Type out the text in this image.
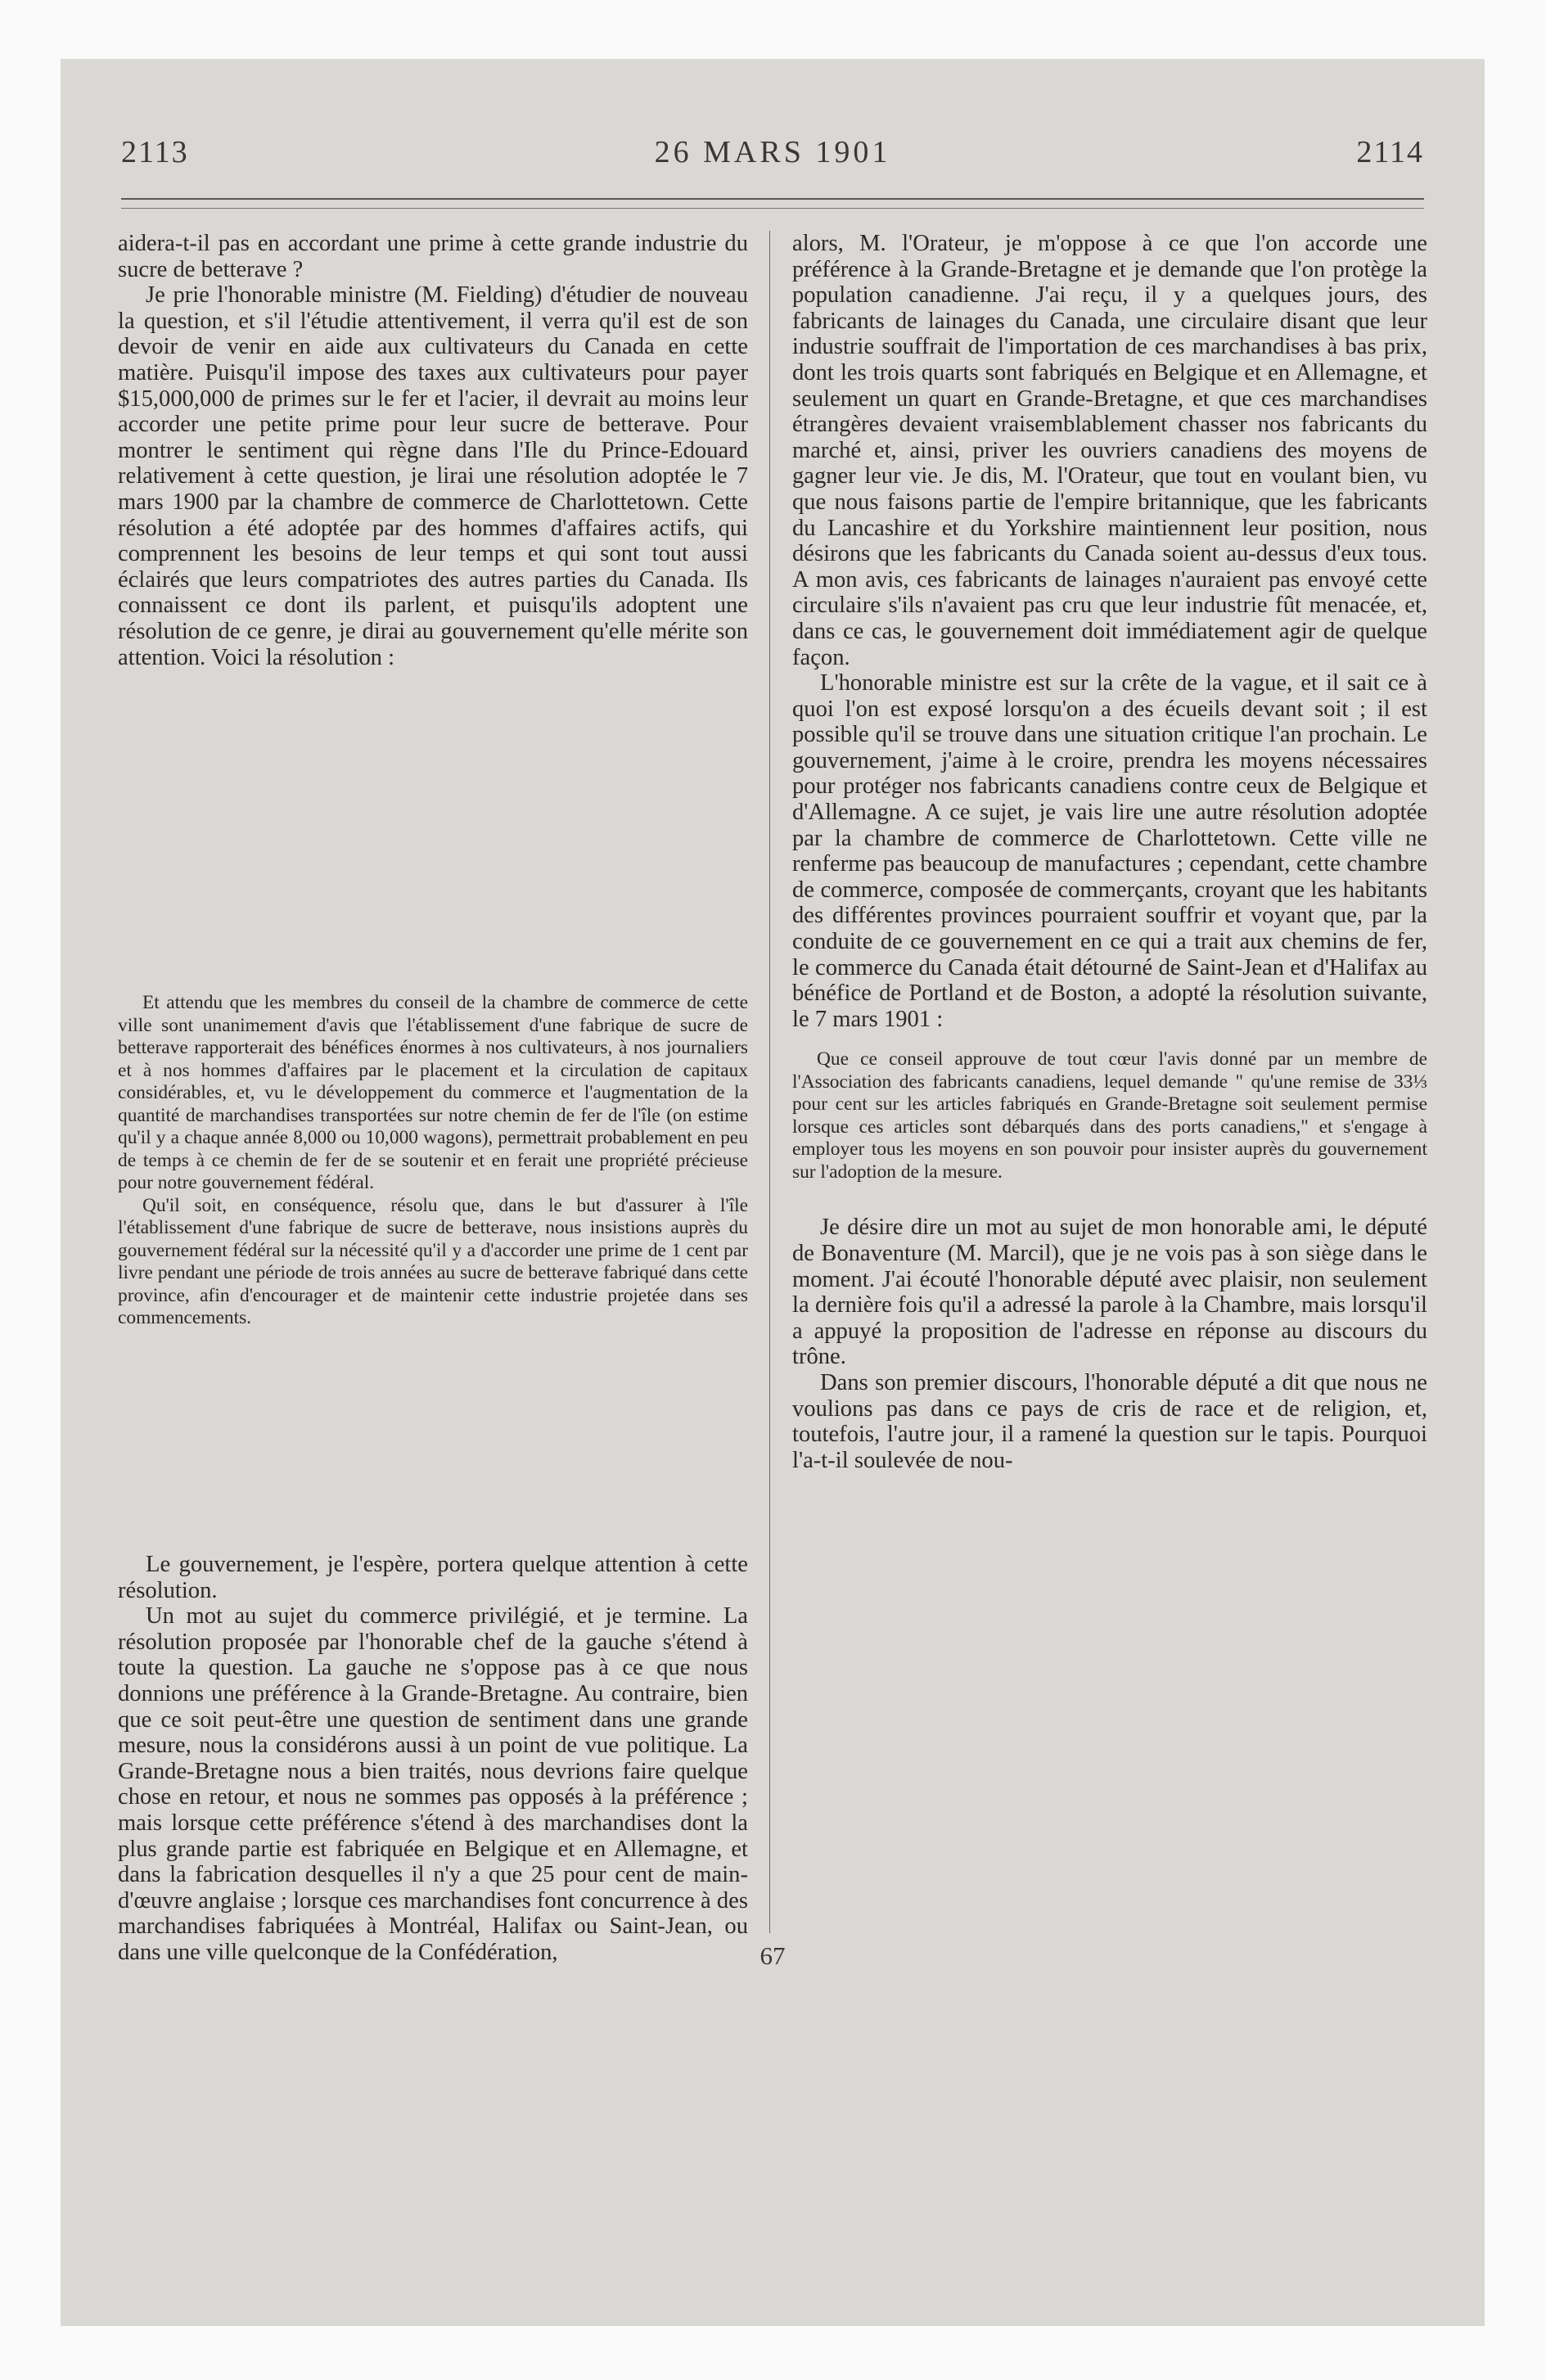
2113	26 MARS 1901	2114

aidera-t-il pas en accordant une prime à cette grande industrie du sucre de betterave ?

Je prie l'honorable ministre (M. Fielding) d'étudier de nouveau la question, et s'il l'étudie attentivement, il verra qu'il est de son devoir de venir en aide aux cultivateurs du Canada en cette matière. Puisqu'il impose des taxes aux cultivateurs pour payer $15,000,000 de primes sur le fer et l'acier, il devrait au moins leur accorder une petite prime pour leur sucre de betterave. Pour montrer le sentiment qui règne dans l'Ile du Prince-Edouard relativement à cette question, je lirai une résolution adoptée le 7 mars 1900 par la chambre de commerce de Charlottetown. Cette résolution a été adoptée par des hommes d'affaires actifs, qui comprennent les besoins de leur temps et qui sont tout aussi éclairés que leurs compatriotes des autres parties du Canada. Ils connaissent ce dont ils parlent, et puisqu'ils adoptent une résolution de ce genre, je dirai au gouvernement qu'elle mérite son attention. Voici la résolution :

Et attendu que les membres du conseil de la chambre de commerce de cette ville sont unanimement d'avis que l'établissement d'une fabrique de sucre de betterave rapporterait des bénéfices énormes à nos cultivateurs, à nos journaliers et à nos hommes d'affaires par le placement et la circulation de capitaux considérables, et, vu le développement du commerce et l'augmentation de la quantité de marchandises transportées sur notre chemin de fer de l'île (on estime qu'il y a chaque année 8,000 ou 10,000 wagons), permettrait probablement en peu de temps à ce chemin de fer de se soutenir et en ferait une propriété précieuse pour notre gouvernement fédéral.

Qu'il soit, en conséquence, résolu que, dans le but d'assurer à l'île l'établissement d'une fabrique de sucre de betterave, nous insistions auprès du gouvernement fédéral sur la nécessité qu'il y a d'accorder une prime de 1 cent par livre pendant une période de trois années au sucre de betterave fabriqué dans cette province, afin d'encourager et de maintenir cette industrie projetée dans ses commencements.

Le gouvernement, je l'espère, portera quelque attention à cette résolution.

Un mot au sujet du commerce privilégié, et je termine. La résolution proposée par l'honorable chef de la gauche s'étend à toute la question. La gauche ne s'oppose pas à ce que nous donnions une préférence à la Grande-Bretagne. Au contraire, bien que ce soit peut-être une question de sentiment dans une grande mesure, nous la considérons aussi à un point de vue politique. La Grande-Bretagne nous a bien traités, nous devrions faire quelque chose en retour, et nous ne sommes pas opposés à la préférence ; mais lorsque cette préférence s'étend à des marchandises dont la plus grande partie est fabriquée en Belgique et en Allemagne, et dans la fabrication desquelles il n'y a que 25 pour cent de main-d'œuvre anglaise ; lorsque ces marchandises font concurrence à des marchandises fabriquées à Montréal, Halifax ou Saint-Jean, ou dans une ville quelconque de la Confédération,

alors, M. l'Orateur, je m'oppose à ce que l'on accorde une préférence à la Grande-Bretagne et je demande que l'on protège la population canadienne. J'ai reçu, il y a quelques jours, des fabricants de lainages du Canada, une circulaire disant que leur industrie souffrait de l'importation de ces marchandises à bas prix, dont les trois quarts sont fabriqués en Belgique et en Allemagne, et seulement un quart en Grande-Bretagne, et que ces marchandises étrangères devaient vraisemblablement chasser nos fabricants du marché et, ainsi, priver les ouvriers canadiens des moyens de gagner leur vie. Je dis, M. l'Orateur, que tout en voulant bien, vu que nous faisons partie de l'empire britannique, que les fabricants du Lancashire et du Yorkshire maintiennent leur position, nous désirons que les fabricants du Canada soient au-dessus d'eux tous. A mon avis, ces fabricants de lainages n'auraient pas envoyé cette circulaire s'ils n'avaient pas cru que leur industrie fût menacée, et, dans ce cas, le gouvernement doit immédiatement agir de quelque façon.

L'honorable ministre est sur la crête de la vague, et il sait ce à quoi l'on est exposé lorsqu'on a des écueils devant soit ; il est possible qu'il se trouve dans une situation critique l'an prochain. Le gouvernement, j'aime à le croire, prendra les moyens nécessaires pour protéger nos fabricants canadiens contre ceux de Belgique et d'Allemagne. A ce sujet, je vais lire une autre résolution adoptée par la chambre de commerce de Charlottetown. Cette ville ne renferme pas beaucoup de manufactures ; cependant, cette chambre de commerce, composée de commerçants, croyant que les habitants des différentes provinces pourraient souffrir et voyant que, par la conduite de ce gouvernement en ce qui a trait aux chemins de fer, le commerce du Canada était détourné de Saint-Jean et d'Halifax au bénéfice de Portland et de Boston, a adopté la résolution suivante, le 7 mars 1901 :

Que ce conseil approuve de tout cœur l'avis donné par un membre de l'Association des fabricants canadiens, lequel demande " qu'une remise de 33⅓ pour cent sur les articles fabriqués en Grande-Bretagne soit seulement permise lorsque ces articles sont débarqués dans des ports canadiens," et s'engage à employer tous les moyens en son pouvoir pour insister auprès du gouvernement sur l'adoption de la mesure.

Je désire dire un mot au sujet de mon honorable ami, le député de Bonaventure (M. Marcil), que je ne vois pas à son siège dans le moment. J'ai écouté l'honorable député avec plaisir, non seulement la dernière fois qu'il a adressé la parole à la Chambre, mais lorsqu'il a appuyé la proposition de l'adresse en réponse au discours du trône.

Dans son premier discours, l'honorable député a dit que nous ne voulions pas dans ce pays de cris de race et de religion, et, toutefois, l'autre jour, il a ramené la question sur le tapis. Pourquoi l'a-t-il soulevée de nou-

67
